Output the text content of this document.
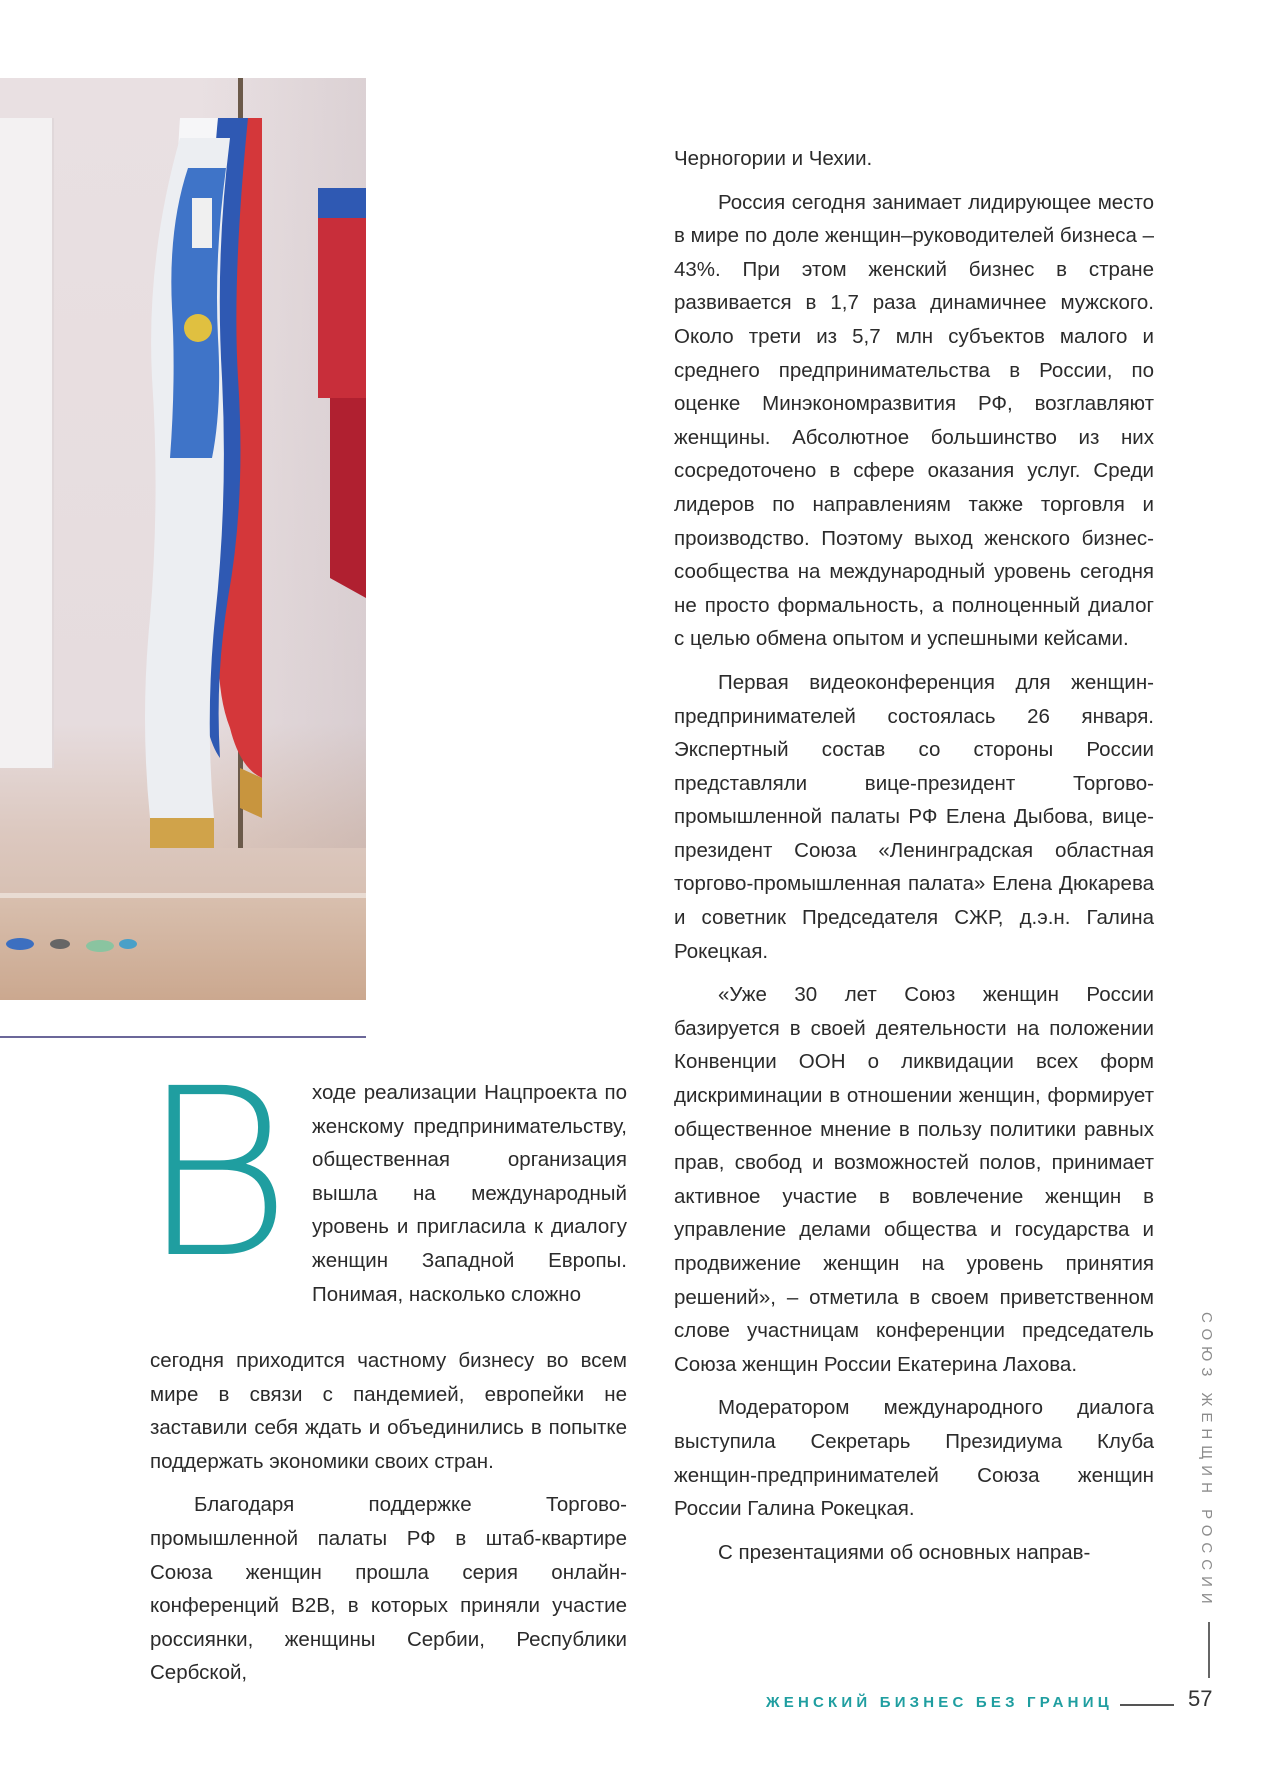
Черногории и Чехии.

Россия сегодня занимает лидирующее место в мире по доле женщин–руководителей бизнеса – 43%. При этом женский бизнес в стране развивается в 1,7 раза динамичнее мужского. Около трети из 5,7 млн субъектов малого и среднего предпринимательства в России, по оценке Минэкономразвития РФ, возглавляют женщины. Абсолютное большинство из них сосредоточено в сфере оказания услуг. Среди лидеров по направлениям также торговля и производство. Поэтому выход женского бизнес-сообщества на международный уровень сегодня не просто формальность, а полноценный диалог с целью обмена опытом и успешными кейсами.

Первая видеоконференция для женщин-предпринимателей состоялась 26 января. Экспертный состав со стороны России представляли вице-президент Торгово-промышленной палаты РФ Елена Дыбова, вице-президент Союза «Ленинградская областная торгово-промышленная палата» Елена Дюкарева и советник Председателя СЖР, д.э.н. Галина Рокецкая.

«Уже 30 лет Союз женщин России базируется в своей деятельности на положении Конвенции ООН о ликвидации всех форм дискриминации в отношении женщин, формирует общественное мнение в пользу политики равных прав, свобод и возможностей полов, принимает активное участие в вовлечение женщин в управление делами общества и государства и продвижение женщин на уровень принятия решений», – отметила в своем приветственном слове участницам конференции председатель Союза женщин России Екатерина Лахова.

Модератором международного диалога выступила Секретарь Президиума Клуба женщин-предпринимателей Союза женщин России Галина Рокецкая.

С презентациями об основных направ-

В ходе реализации Нацпроекта по женскому предпринимательству, общественная организация вышла на международный уровень и пригласила к диалогу женщин Западной Европы. Понимая, насколько сложно

сегодня приходится частному бизнесу во всем мире в связи с пандемией, европейки не заставили себя ждать и объединились в попытке поддержать экономики своих стран.

Благодаря поддержке Торгово-промышленной палаты РФ в штаб-квартире Союза женщин прошла серия онлайн-конференций B2B, в которых приняли участие россиянки, женщины Сербии, Республики Сербской,

СОЮЗ ЖЕНЩИН РОССИИ
ЖЕНСКИЙ БИЗНЕС БЕЗ ГРАНИЦ	57
